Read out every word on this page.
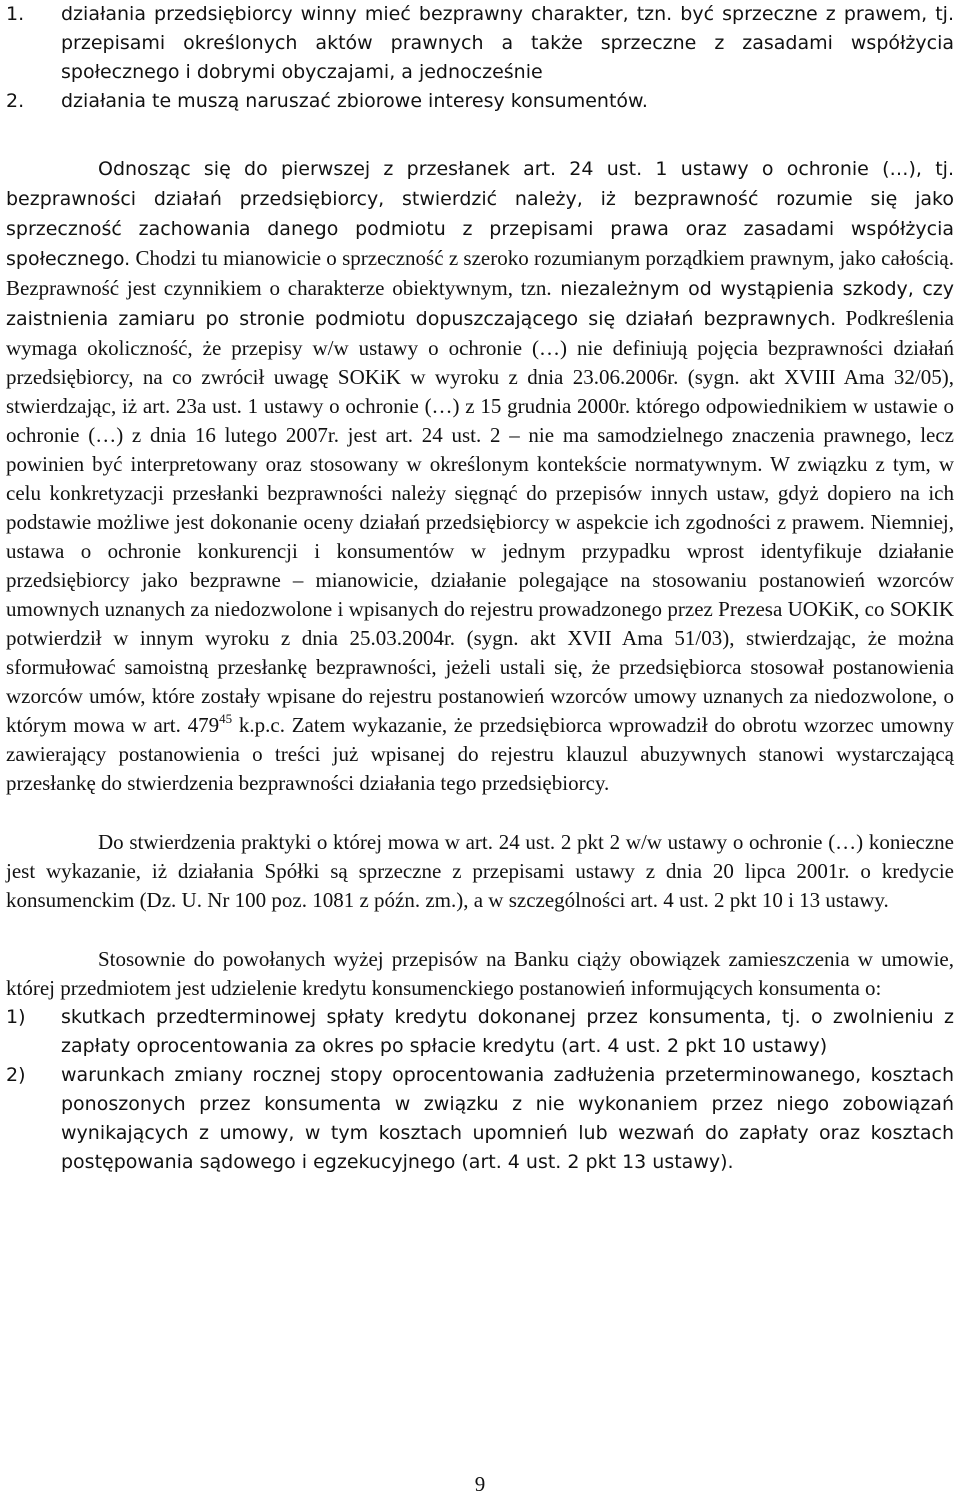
1. działania przedsiębiorcy winny mieć bezprawny charakter, tzn. być sprzeczne z prawem, tj. przepisami określonych aktów prawnych a także sprzeczne z zasadami współżycia społecznego i dobrymi obyczajami, a jednocześnie
2. działania te muszą naruszać zbiorowe interesy konsumentów.

Odnosząc się do pierwszej z przesłanek art. 24 ust. 1 ustawy o ochronie (…), tj. bezprawności działań przedsiębiorcy, stwierdzić należy, iż bezprawność rozumie się jako sprzeczność zachowania danego podmiotu z przepisami prawa oraz zasadami współżycia społecznego. Chodzi tu mianowicie o sprzeczność z szeroko rozumianym porządkiem prawnym, jako całością. Bezprawność jest czynnikiem o charakterze obiektywnym, tzn. niezależnym od wystąpienia szkody, czy zaistnienia zamiaru po stronie podmiotu dopuszczającego się działań bezprawnych. Podkreślenia wymaga okoliczność, że przepisy w/w ustawy o ochronie (…) nie definiują pojęcia bezprawności działań przedsiębiorcy, na co zwrócił uwagę SOKiK w wyroku z dnia 23.06.2006r. (sygn. akt XVIII Ama 32/05), stwierdzając, iż art. 23a ust. 1 ustawy o ochronie (…) z 15 grudnia 2000r. którego odpowiednikiem w ustawie o ochronie (…) z dnia 16 lutego 2007r. jest art. 24 ust. 2 – nie ma samodzielnego znaczenia prawnego, lecz powinien być interpretowany oraz stosowany w określonym kontekście normatywnym. W związku z tym, w celu konkretyzacji przesłanki bezprawności należy sięgnąć do przepisów innych ustaw, gdyż dopiero na ich podstawie możliwe jest dokonanie oceny działań przedsiębiorcy w aspekcie ich zgodności z prawem. Niemniej, ustawa o ochronie konkurencji i konsumentów w jednym przypadku wprost identyfikuje działanie przedsiębiorcy jako bezprawne – mianowicie, działanie polegające na stosowaniu postanowień wzorców umownych uznanych za niedozwolone i wpisanych do rejestru prowadzonego przez Prezesa UOKiK, co SOKIK potwierdził w innym wyroku z dnia 25.03.2004r. (sygn. akt XVII Ama 51/03), stwierdzając, że można sformułować samoistną przesłankę bezprawności, jeżeli ustali się, że przedsiębiorca stosował postanowienia wzorców umów, które zostały wpisane do rejestru postanowień wzorców umowy uznanych za niedozwolone, o którym mowa w art. $479^{45}$ k.p.c. Zatem wykazanie, że przedsiębiorca wprowadził do obrotu wzorzec umowny zawierający postanowienia o treści już wpisanej do rejestru klauzul abuzywnych stanowi wystarczającą przesłankę do stwierdzenia bezprawności działania tego przedsiębiorcy.

Do stwierdzenia praktyki o której mowa w art. 24 ust. 2 pkt 2 w/w ustawy o ochronie (…) konieczne jest wykazanie, iż działania Spółki są sprzeczne z przepisami ustawy z dnia 20 lipca 2001r. o kredycie konsumenckim (Dz. U. Nr 100 poz. 1081 z późn. zm.), a w szczególności art. 4 ust. 2 pkt 10 i 13 ustawy.

Stosownie do powołanych wyżej przepisów na Banku ciąży obowiązek zamieszczenia w umowie, której przedmiotem jest udzielenie kredytu konsumenckiego postanowień informujących konsumenta o:

1) skutkach przedterminowej spłaty kredytu dokonanej przez konsumenta, tj. o zwolnieniu z zapłaty oprocentowania za okres po spłacie kredytu (art. 4 ust. 2 pkt 10 ustawy)
2) warunkach zmiany rocznej stopy oprocentowania zadłużenia przeterminowanego, kosztach ponoszonych przez konsumenta w związku z nie wykonaniem przez niego zobowiązań wynikających z umowy, w tym kosztach upomnień lub wezwań do zapłaty oraz kosztach postępowania sądowego i egzekucyjnego (art. 4 ust. 2 pkt 13 ustawy).
9
